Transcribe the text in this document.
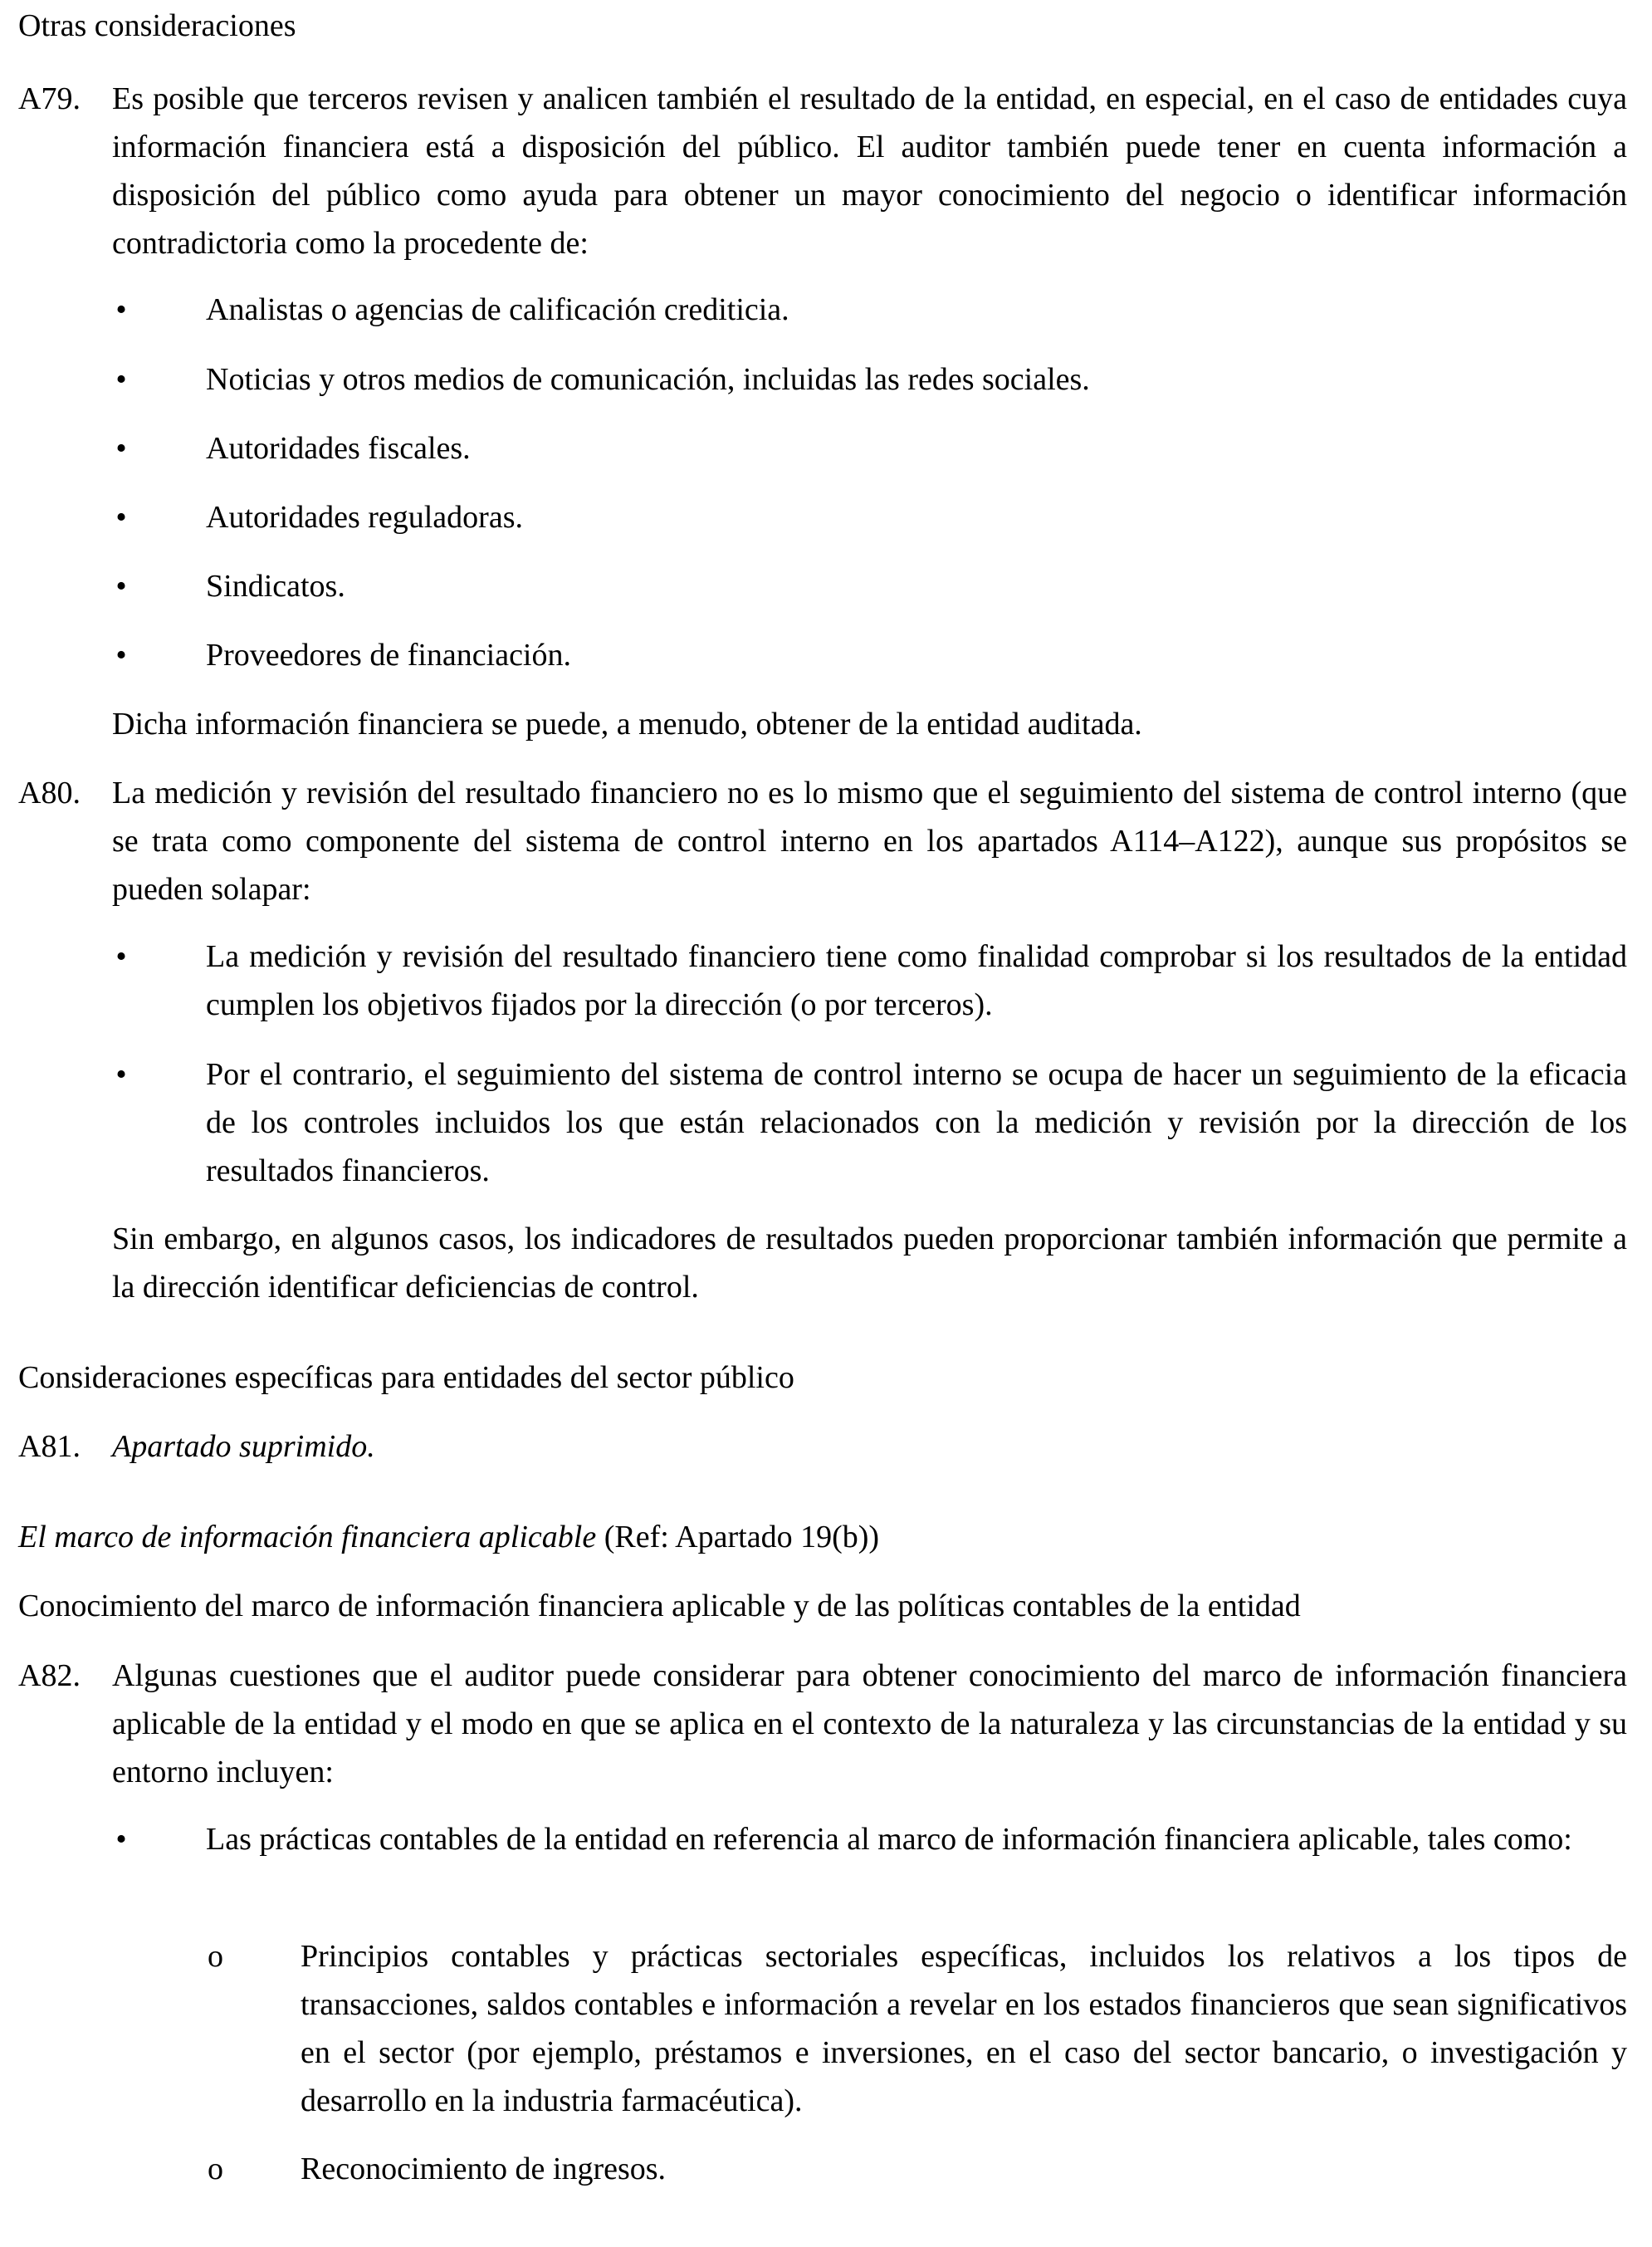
Otras consideraciones

A79. Es posible que terceros revisen y analicen también el resultado de la entidad, en especial, en el caso de entidades cuya información financiera está a disposición del público. El auditor también puede tener en cuenta información a disposición del público como ayuda para obtener un mayor conocimiento del negocio o identificar información contradictoria como la procedente de:
•	Analistas o agencias de calificación crediticia.
•	Noticias y otros medios de comunicación, incluidas las redes sociales.
•	Autoridades fiscales.
•	Autoridades reguladoras.
•	Sindicatos.
•	Proveedores de financiación.

Dicha información financiera se puede, a menudo, obtener de la entidad auditada.

A80. La medición y revisión del resultado financiero no es lo mismo que el seguimiento del sistema de control interno (que se trata como componente del sistema de control interno en los apartados A114–A122), aunque sus propósitos se pueden solapar:
•	La medición y revisión del resultado financiero tiene como finalidad comprobar si los resultados de la entidad cumplen los objetivos fijados por la dirección (o por terceros).
•	Por el contrario, el seguimiento del sistema de control interno se ocupa de hacer un seguimiento de la eficacia de los controles incluidos los que están relacionados con la medición y revisión por la dirección de los resultados financieros.

Sin embargo, en algunos casos, los indicadores de resultados pueden proporcionar también información que permite a la dirección identificar deficiencias de control.

Consideraciones específicas para entidades del sector público

A81. Apartado suprimido.

El marco de información financiera aplicable (Ref: Apartado 19(b))

Conocimiento del marco de información financiera aplicable y de las políticas contables de la entidad

A82. Algunas cuestiones que el auditor puede considerar para obtener conocimiento del marco de información financiera aplicable de la entidad y el modo en que se aplica en el contexto de la naturaleza y las circunstancias de la entidad y su entorno incluyen:
•	Las prácticas contables de la entidad en referencia al marco de información financiera aplicable, tales como:
o Principios contables y prácticas sectoriales específicas, incluidos los relativos a los tipos de transacciones, saldos contables e información a revelar en los estados financieros que sean significativos en el sector (por ejemplo, préstamos e inversiones, en el caso del sector bancario, o investigación y desarrollo en la industria farmacéutica).
o Reconocimiento de ingresos.
